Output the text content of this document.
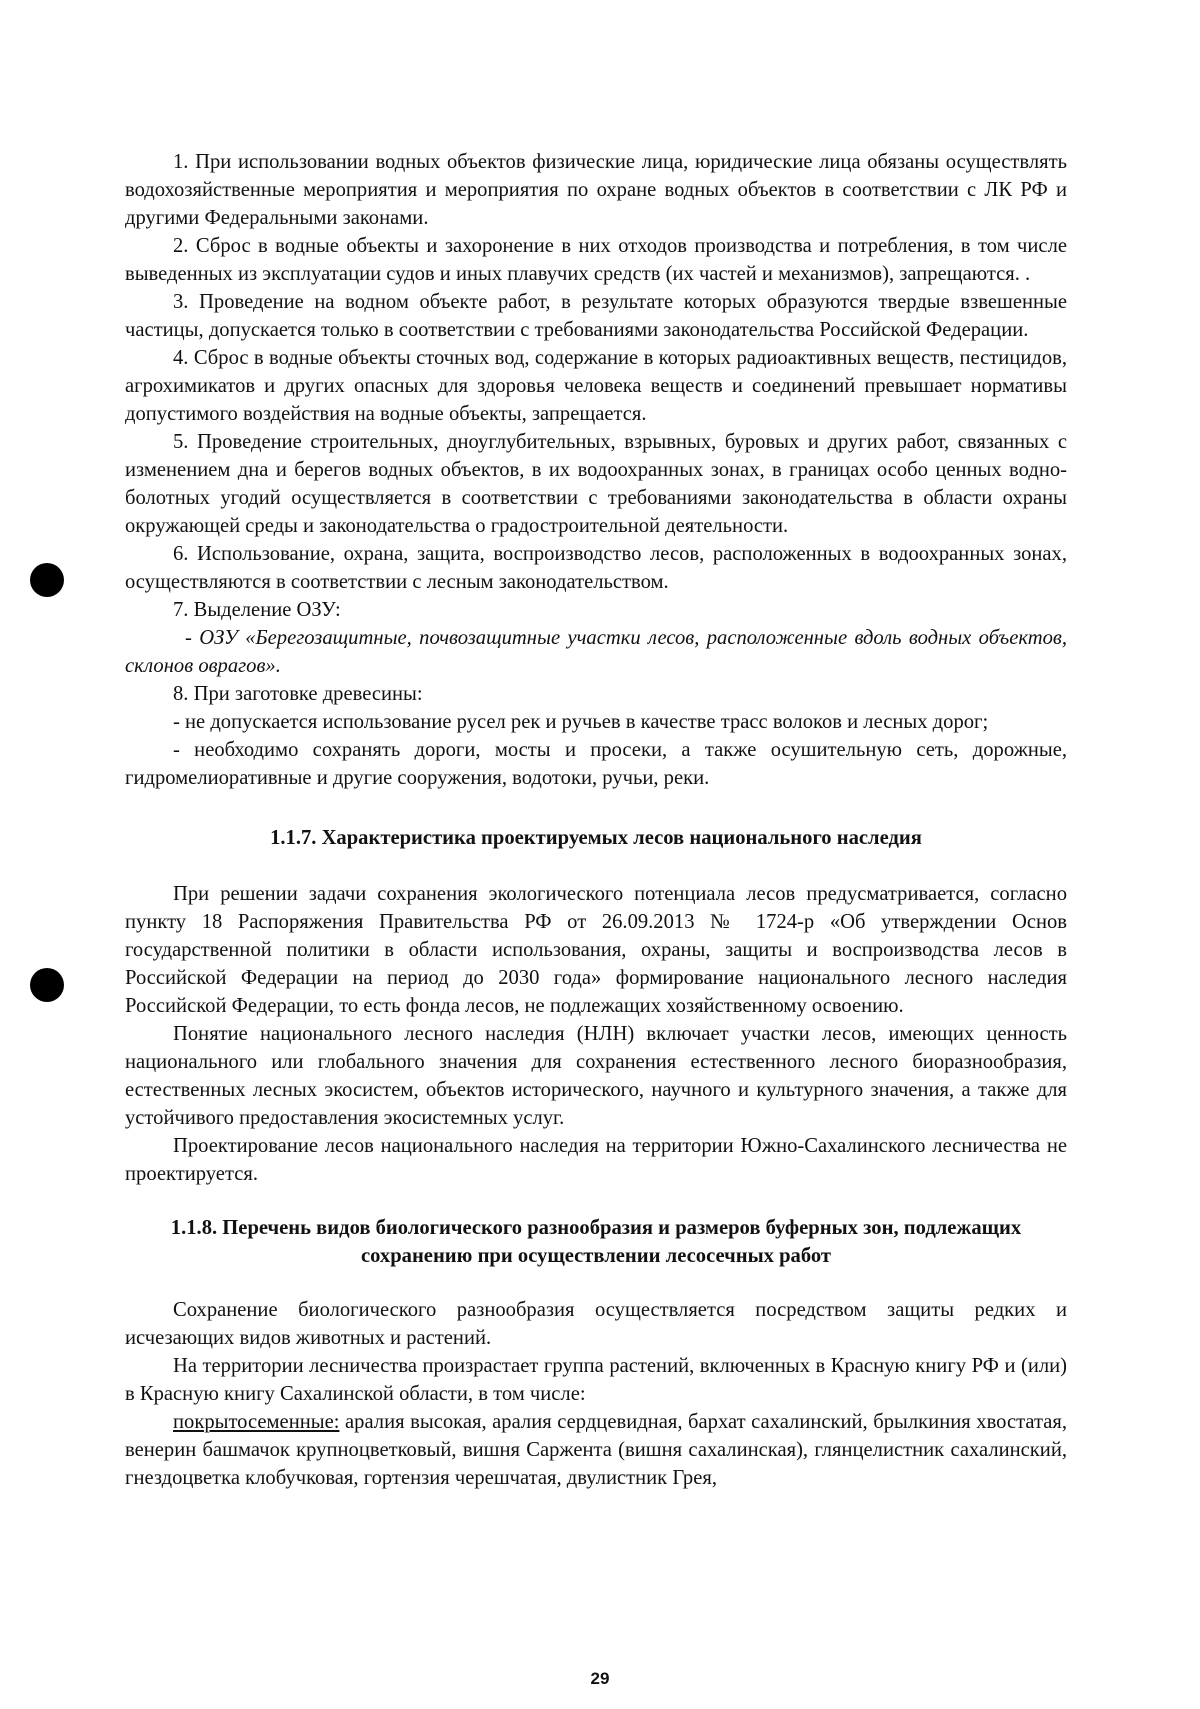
1. При использовании водных объектов физические лица, юридические лица обязаны осуществлять водохозяйственные мероприятия и мероприятия по охране водных объектов в соответствии с ЛК РФ и другими Федеральными законами.

2. Сброс в водные объекты и захоронение в них отходов производства и потребления, в том числе выведенных из эксплуатации судов и иных плавучих средств (их частей и механизмов), запрещаются. .

3. Проведение на водном объекте работ, в результате которых образуются твердые взвешенные частицы, допускается только в соответствии с требованиями законодательства Российской Федерации.

4. Сброс в водные объекты сточных вод, содержание в которых радиоактивных веществ, пестицидов, агрохимикатов и других опасных для здоровья человека веществ и соединений превышает нормативы допустимого воздействия на водные объекты, запрещается.

5. Проведение строительных, дноуглубительных, взрывных, буровых и других работ, связанных с изменением дна и берегов водных объектов, в их водоохранных зонах, в границах особо ценных водно-болотных угодий осуществляется в соответствии с требованиями законодательства в области охраны окружающей среды и законодательства о градостроительной деятельности.

6. Использование, охрана, защита, воспроизводство лесов, расположенных в водоохранных зонах, осуществляются в соответствии с лесным законодательством.

7. Выделение ОЗУ:

- ОЗУ «Берегозащитные, почвозащитные участки лесов, расположенные вдоль водных объектов, склонов оврагов».

8. При заготовке древесины:

- не допускается использование русел рек и ручьев в качестве трасс волоков и лесных дорог;

- необходимо сохранять дороги, мосты и просеки, а также осушительную сеть, дорожные, гидромелиоративные и другие сооружения, водотоки, ручьи, реки.

1.1.7. Характеристика проектируемых лесов национального наследия

При решении задачи сохранения экологического потенциала лесов предусматривается, согласно пункту 18 Распоряжения Правительства РФ от 26.09.2013 № 1724-р «Об утверждении Основ государственной политики в области использования, охраны, защиты и воспроизводства лесов в Российской Федерации на период до 2030 года» формирование национального лесного наследия Российской Федерации, то есть фонда лесов, не подлежащих хозяйственному освоению.

Понятие национального лесного наследия (НЛН) включает участки лесов, имеющих ценность национального или глобального значения для сохранения естественного лесного биоразнообразия, естественных лесных экосистем, объектов исторического, научного и культурного значения, а также для устойчивого предоставления экосистемных услуг.

Проектирование лесов национального наследия на территории Южно-Сахалинского лесничества не проектируется.

1.1.8. Перечень видов биологического разнообразия и размеров буферных зон, подлежащих
сохранению при осуществлении лесосечных работ

Сохранение биологического разнообразия осуществляется посредством защиты редких и исчезающих видов животных и растений.

На территории лесничества произрастает группа растений, включенных в Красную книгу РФ и (или) в Красную книгу Сахалинской области, в том числе:

покрытосеменные: аралия высокая, аралия сердцевидная, бархат сахалинский, брылкиния хвостатая, венерин башмачок крупноцветковый, вишня Саржента (вишня сахалинская), глянцелистник сахалинский, гнездоцветка клобучковая, гортензия черешчатая, двулистник Грея,

29
